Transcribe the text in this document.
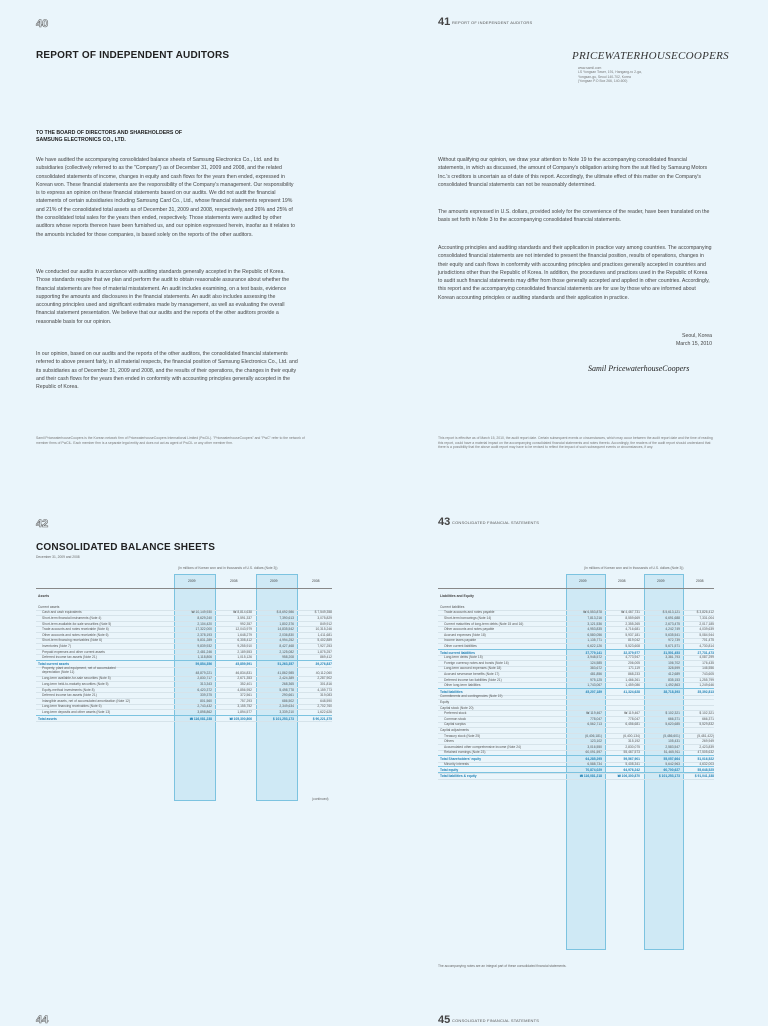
40
REPORT OF INDEPENDENT AUDITORS
TO THE BOARD OF DIRECTORS AND SHAREHOLDERS OF
SAMSUNG ELECTRONICS CO., LTD.

We have audited the accompanying consolidated balance sheets of Samsung Electronics Co., Ltd. and its subsidiaries (collectively referred to as the "Company") as of December 31, 2009 and 2008, and the related consolidated statements of income, changes in equity and cash flows for the years then ended, expressed in Korean won. These financial statements are the responsibility of the Company's management. Our responsibility is to express an opinion on these financial statements based on our audits. We did not audit the financial statements of certain subsidiaries including Samsung Card Co., Ltd., whose financial statements represent 19% and 21% of the consolidated total assets as of December 31, 2009 and 2008, respectively, and 26% and 25% of the consolidated total sales for the years then ended, respectively. Those statements were audited by other auditors whose reports thereon have been furnished us, and our opinion expressed herein, insofar as it relates to the amounts included for those companies, is based solely on the reports of the other auditors.

We conducted our audits in accordance with auditing standards generally accepted in the Republic of Korea. Those standards require that we plan and perform the audit to obtain reasonable assurance about whether the financial statements are free of material misstatement. An audit includes examining, on a test basis, evidence supporting the amounts and disclosures in the financial statements. An audit also includes assessing the accounting principles used and significant estimates made by management, as well as evaluating the overall financial statement presentation. We believe that our audits and the reports of the other auditors provide a reasonable basis for our opinion.

In our opinion, based on our audits and the reports of the other auditors, the consolidated financial statements referred to above present fairly, in all material respects, the financial position of Samsung Electronics Co., Ltd. and its subsidiaries as of December 31, 2009 and 2008, and the results of their operations, the changes in their equity and their cash flows for the years then ended in conformity with accounting principles generally accepted in the Republic of Korea.

Samil PricewaterhouseCoopers is the Korean network firm of PricewaterhouseCoopers International Limited (PwCIL). "PricewaterhouseCoopers" and "PwC" refer to the network of member firms of PwCIL. Each member firm is a separate legal entity and does not act as agent of PwCIL or any other member firm.
41 REPORT OF INDEPENDENT AUDITORS
PRICEWATERHOUSECOOPERS
www.samil.com
LS Yongsan Tower, 191, Hangang-ro 2-ga,
Yongsan-gu, Seoul 140-702, Korea
(Yongsan P.O Box 266, 140-600)

Without qualifying our opinion, we draw your attention to Note 19 to the accompanying consolidated financial statements, in which as discussed, the amount of Company's obligation arising from the suit filed by Samsung Motors Inc.'s creditors is uncertain as of date of this report. Accordingly, the ultimate effect of this matter on the Company's consolidated financial statements can not be reasonably determined.

The amounts expressed in U.S. dollars, provided solely for the convenience of the reader, have been translated on the basis set forth in Note 3 to the accompanying consolidated financial statements.

Accounting principles and auditing standards and their application in practice vary among countries. The accompanying consolidated financial statements are not intended to present the financial position, results of operations, changes in their equity and cash flows in conformity with accounting principles and practices generally accepted in countries and jurisdictions other than the Republic of Korea. In addition, the procedures and practices used in the Republic of Korea to audit such financial statements may differ from those generally accepted and applied in other countries. Accordingly, this report and the accompanying consolidated financial statements are for use by those who are informed about Korean accounting principles or auditing standards and their application in practice.

Seoul, Korea
March 15, 2010
Samil PricewaterhouseCoopers
This report is effective as of March 15, 2010, the audit report date. Certain subsequent events or circumstances, which may occur between the audit report date and the time of reading this report, could have a material impact on the accompanying consolidated financial statements and notes thereto. Accordingly, the readers of the audit report should understand that there is a possibility that the above audit report may have to be revised to reflect the impact of such subsequent events or circumstances, if any.
42
CONSOLIDATED BALANCE SHEETS
December 31, 2009 and 2008
(In millions of Korean won and in thousands of U.S. dollars (Note 3))
2009	2008	2009	2008
Assets
Current assets
Cash and cash equivalents	₩ 10,149,930	₩ 8,814,638	$ 8,692,986	$ 7,549,358
Short-term financial instruments (Note 4)	8,629,240	3,591,337	7,390,613	3,075,829
Short-term available-for-sale securities (Note 5)	2,104,420	992,357	1,802,376	849,912
Trade accounts and notes receivable (Note 6)	17,322,000	12,043,979	14,835,542	10,315,246
Other accounts and notes receivable (Note 6)	2,378,193	1,648,279	2,036,830	1,411,681
Short-term financing receivables (Note 6)	5,831,289	6,308,412	4,994,252	5,402,889
Inventories (Note 7)	9,839,932	9,255,910	8,427,468	7,927,253
Prepaid expenses and other current assets	2,481,246	2,189,553	2,125,082	1,875,257
Deferred income tax assets (Note 21)	1,118,806	1,015,126	958,208	869,412
Total current assets	59,854,356	45,859,591	51,263,357	39,276,837
Property, plant and equipment, net of accumulated depreciation (Note 11)	48,879,221	46,834,831	41,862,985	40,112,060
Long-term available-for-sale securities (Note 5)	2,830,717	2,671,353	2,424,389	2,287,902
Long-term held-to-maturity securities (Note 5)	313,343	352,401	268,365	301,816
Equity-method investments (Note 8)	6,420,372	4,856,952	5,498,778	4,159,773
Deferred income tax assets (Note 21)	339,375	372,561	290,661	319,083
Intangible assets, net of accumulated amortization (Note 12)	801,560	757,293	686,502	648,590
Long-term financing receivables (Note 6)	2,743,432	3,155,752	2,349,634	2,702,760
Long-term deposits and other assets (Note 13)	3,898,862	1,894,577	3,339,210	1,622,626
Total assets	₩ 116,081,238	₩ 105,300,806	$ 101,253,173	$ 90,221,375
(continued)
43 CONSOLIDATED FINANCIAL STATEMENTS
(In millions of Korean won and in thousands of U.S. dollars (Note 3))
2009	2008	2009	2008
Liabilities and Equity
Current liabilities
Trade accounts and notes payable	₩ 6,553,878	₩ 4,467,731	$ 5,613,121	$ 3,826,412
Short-term borrowings (Note 14)	7,813,216	8,559,669	6,691,688	7,331,004
Current maturities of long-term debts (Note 15 and 16)	3,121,536	2,355,265	2,673,475	2,017,185
Other accounts and notes payable	4,953,835	4,716,681	4,242,749	4,039,639
Accrued expenses (Note 18)	6,580,056	5,937,181	5,635,541	5,084,944
Income taxes payable	1,135,771	819,042	972,739	701,475
Other current liabilities	6,622,126	5,523,608	5,671,571	4,730,814
Total current liabilities	37,779,141	32,379,977	31,501,453	27,731,473
Long-term debts (Note 15)	3,948,572	4,773,947	3,381,793	4,087,299
Foreign currency notes and bonds (Note 16)	124,585	206,005	106,702	176,435
Long-term accrued expenses (Note 18)	383,672	171,119	328,599	146,556
Accrued severance benefits (Note 17)	481,856	868,233	412,689	743,605
Deferred income tax liabilities (Note 21)	975,125	1,466,261	835,153	1,255,799
Other long-term liabilities	1,743,067	1,459,086	1,492,863	1,249,646
Total liabilities	45,207,189	41,324,628	38,718,393	35,392,813
Commitments and contingencies (Note 19)
Equity
Capital stock (Note 20)
Preferred stock	₩ 119,467	₩ 119,467	$ 102,321	$ 102,321
Common stock	778,047	778,047	666,371	666,371
Capital surplus	6,562,713	6,456,681	5,620,685	5,529,832
Capital adjustments
Treasury stock (Note 25)	(6,406,181)	(6,400,134)	(5,486,601)	(5,481,422)
Others	123,102	315,192	105,431	269,949
Accumulated other comprehensive income (Note 24)	3,016,550	2,830,075	2,583,547	2,423,839
Retained earnings (Note 23)	60,091,597	55,467,573	51,465,911	47,505,632
Total Shareholders' equity	64,285,295	59,567,901	55,057,664	51,016,522
Minority interests	6,588,734	5,408,341	5,642,963	4,632,003
Total equity	70,874,029	64,976,242	60,700,627	55,648,525
Total liabilities & equity	₩ 116,081,218	₩ 106,300,870	$ 101,253,173	$ 91,041,338
The accompanying notes are an integral part of these consolidated financial statements.
44	45 CONSOLIDATED FINANCIAL STATEMENTS
